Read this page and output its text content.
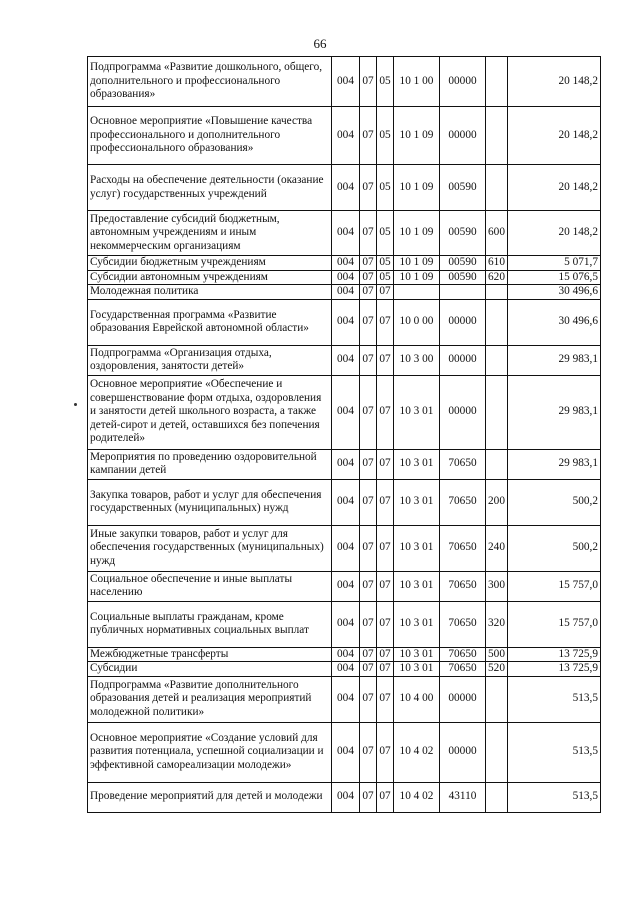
66
Подпрограмма «Развитие дошкольного, общего, дополнительного и профессионального образования»	004	07	05	10 1 00	00000		20 148,2
Основное мероприятие «Повышение качества профессионального и дополнительного профессионального образования»	004	07	05	10 1 09	00000		20 148,2
Расходы на обеспечение деятельности (оказание услуг) государственных учреждений	004	07	05	10 1 09	00590		20 148,2
Предоставление субсидий бюджетным, автономным учреждениям и иным некоммерческим организациям	004	07	05	10 1 09	00590	600	20 148,2
Субсидии бюджетным учреждениям	004	07	05	10 1 09	00590	610	5 071,7
Субсидии автономным учреждениям	004	07	05	10 1 09	00590	620	15 076,5
Молодежная политика	004	07	07				30 496,6
Государственная программа «Развитие образования Еврейской автономной области»	004	07	07	10 0 00	00000		30 496,6
Подпрограмма «Организация отдыха, оздоровления, занятости детей»	004	07	07	10 3 00	00000		29 983,1
Основное мероприятие «Обеспечение и совершенствование форм отдыха, оздоровления и занятости детей школьного возраста, а также детей-сирот и детей, оставшихся без попечения родителей»	004	07	07	10 3 01	00000		29 983,1
Мероприятия по проведению оздоровительной кампании детей	004	07	07	10 3 01	70650		29 983,1
Закупка товаров, работ и услуг для обеспечения государственных (муниципальных) нужд	004	07	07	10 3 01	70650	200	500,2
Иные закупки товаров, работ и услуг для обеспечения государственных (муниципальных) нужд	004	07	07	10 3 01	70650	240	500,2
Социальное обеспечение и иные выплаты населению	004	07	07	10 3 01	70650	300	15 757,0
Социальные выплаты гражданам, кроме публичных нормативных социальных выплат	004	07	07	10 3 01	70650	320	15 757,0
Межбюджетные трансферты	004	07	07	10 3 01	70650	500	13 725,9
Субсидии	004	07	07	10 3 01	70650	520	13 725,9
Подпрограмма «Развитие дополнительного образования детей и реализация мероприятий молодежной политики»	004	07	07	10 4 00	00000		513,5
Основное мероприятие «Создание условий для развития потенциала, успешной социализации и эффективной самореализации молодежи»	004	07	07	10 4 02	00000		513,5
Проведение мероприятий для детей и молодежи	004	07	07	10 4 02	43110		513,5
